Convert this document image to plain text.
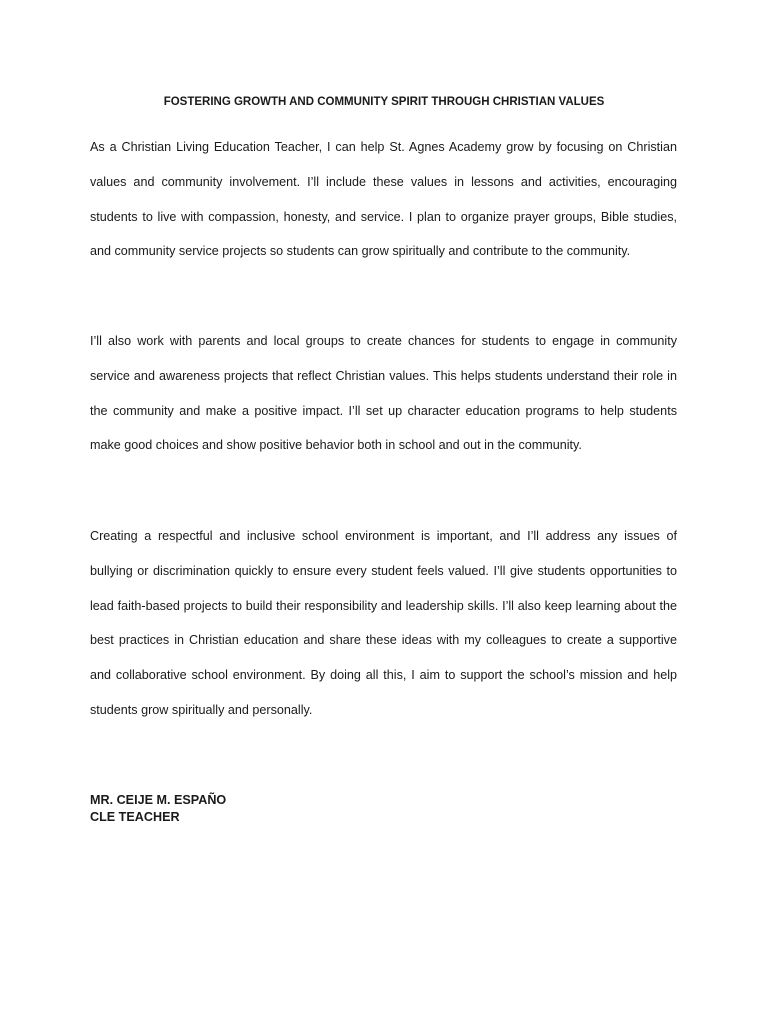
FOSTERING GROWTH AND COMMUNITY SPIRIT THROUGH CHRISTIAN VALUES

As a Christian Living Education Teacher, I can help St. Agnes Academy grow by focusing on Christian values and community involvement. I’ll include these values in lessons and activities, encouraging students to live with compassion, honesty, and service. I plan to organize prayer groups, Bible studies, and community service projects so students can grow spiritually and contribute to the community.

I’ll also work with parents and local groups to create chances for students to engage in community service and awareness projects that reflect Christian values. This helps students understand their role in the community and make a positive impact. I’ll set up character education programs to help students make good choices and show positive behavior both in school and out in the community.

Creating a respectful and inclusive school environment is important, and I’ll address any issues of bullying or discrimination quickly to ensure every student feels valued. I’ll give students opportunities to lead faith-based projects to build their responsibility and leadership skills. I’ll also keep learning about the best practices in Christian education and share these ideas with my colleagues to create a supportive and collaborative school environment. By doing all this, I aim to support the school’s mission and help students grow spiritually and personally.

MR. CEIJE M. ESPAÑO
CLE TEACHER
